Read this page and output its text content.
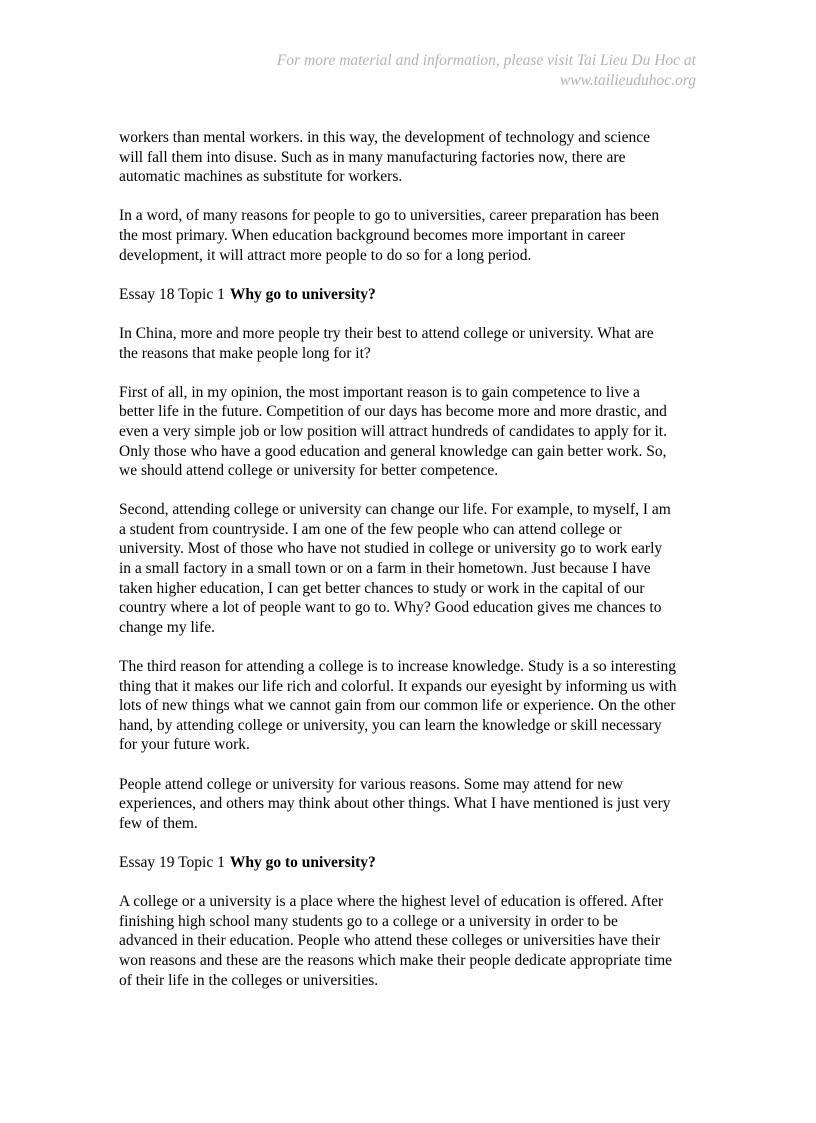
For more material and information, please visit Tai Lieu Du Hoc at
www.tailieuduhoc.org

workers than mental workers. in this way, the development of technology and science
will fall them into disuse. Such as in many manufacturing factories now, there are
automatic machines as substitute for workers.

In a word, of many reasons for people to go to universities, career preparation has been
the most primary. When education background becomes more important in career
development, it will attract more people to do so for a long period.

Essay 18 Topic 1 Why go to university?

In China, more and more people try their best to attend college or university. What are
the reasons that make people long for it?

First of all, in my opinion, the most important reason is to gain competence to live a
better life in the future. Competition of our days has become more and more drastic, and
even a very simple job or low position will attract hundreds of candidates to apply for it.
Only those who have a good education and general knowledge can gain better work. So,
we should attend college or university for better competence.

Second, attending college or university can change our life. For example, to myself, I am
a student from countryside. I am one of the few people who can attend college or
university. Most of those who have not studied in college or university go to work early
in a small factory in a small town or on a farm in their hometown. Just because I have
taken higher education, I can get better chances to study or work in the capital of our
country where a lot of people want to go to. Why? Good education gives me chances to
change my life.

The third reason for attending a college is to increase knowledge. Study is a so interesting
thing that it makes our life rich and colorful. It expands our eyesight by informing us with
lots of new things what we cannot gain from our common life or experience. On the other
hand, by attending college or university, you can learn the knowledge or skill necessary
for your future work.

People attend college or university for various reasons. Some may attend for new
experiences, and others may think about other things. What I have mentioned is just very
few of them.

Essay 19 Topic 1 Why go to university?

A college or a university is a place where the highest level of education is offered. After
finishing high school many students go to a college or a university in order to be
advanced in their education. People who attend these colleges or universities have their
won reasons and these are the reasons which make their people dedicate appropriate time
of their life in the colleges or universities.
